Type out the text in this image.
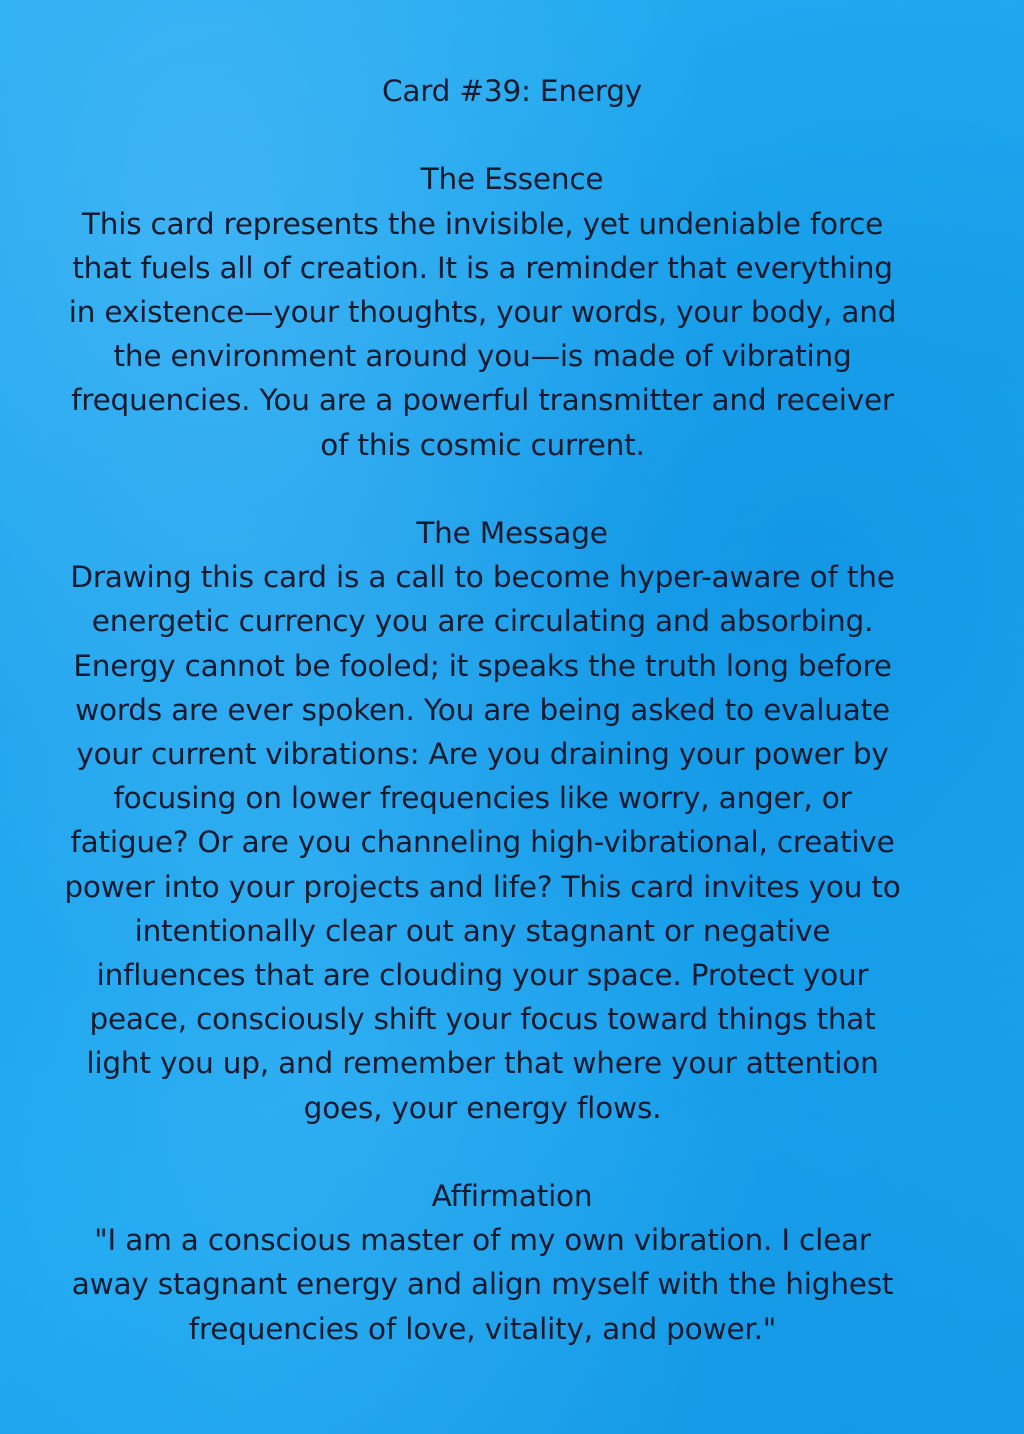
Card #39: Energy

The Essence

This card represents the invisible, yet undeniable force that fuels all of creation. It is a reminder that everything in existence—your thoughts, your words, your body, and the environment around you—is made of vibrating frequencies. You are a powerful transmitter and receiver of this cosmic current.

The Message

Drawing this card is a call to become hyper-aware of the energetic currency you are circulating and absorbing. Energy cannot be fooled; it speaks the truth long before words are ever spoken. You are being asked to evaluate your current vibrations: Are you draining your power by focusing on lower frequencies like worry, anger, or fatigue? Or are you channeling high-vibrational, creative power into your projects and life? This card invites you to intentionally clear out any stagnant or negative influences that are clouding your space. Protect your peace, consciously shift your focus toward things that light you up, and remember that where your attention goes, your energy flows.

Affirmation

"I am a conscious master of my own vibration. I clear away stagnant energy and align myself with the highest frequencies of love, vitality, and power."
